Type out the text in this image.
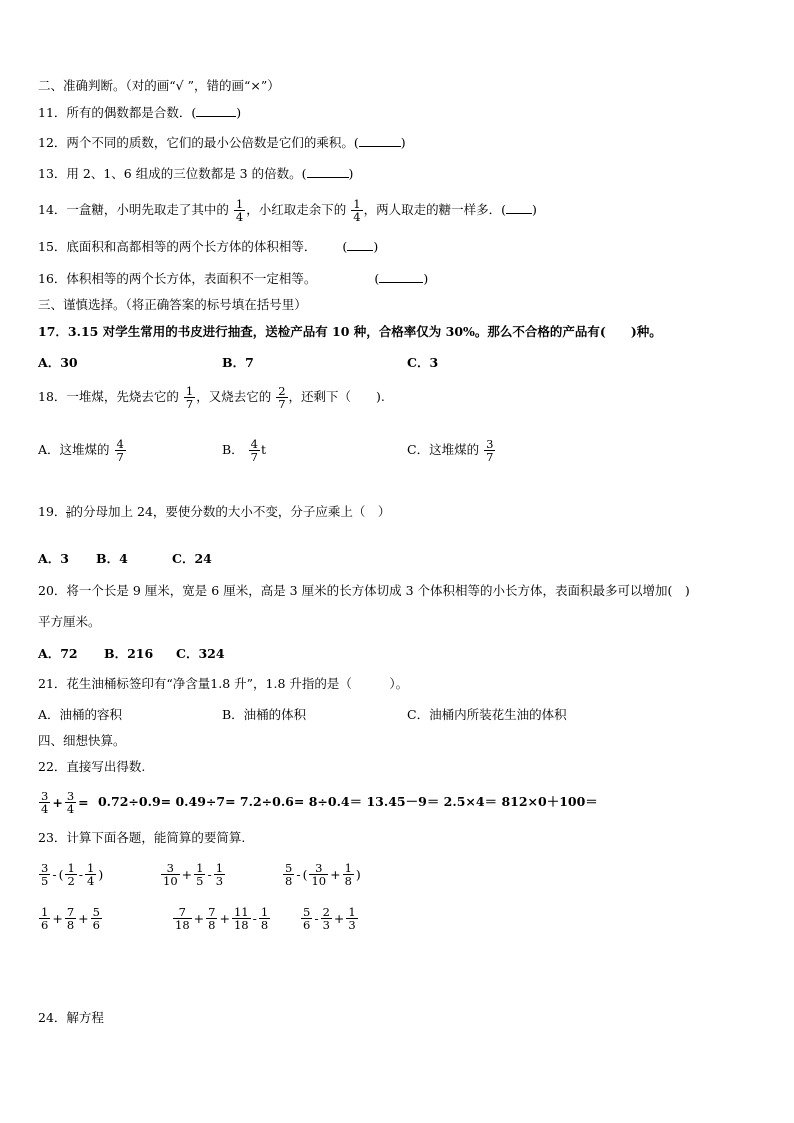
二、准确判断。（对的画“√ ”，错的画“×”）
11．所有的偶数都是合数．(	)
12．两个不同的质数，它们的最小公倍数是它们的乘积。(	)
13．用 2、1、6 组成的三位数都是 3 的倍数。(	)
14．一盒糖，小明先取走了其中的 $\frac{1}{4}$ ，小红取走余下的 $\frac{1}{4}$ ，两人取走的糖一样多．( )
15．底面积和高都相等的两个长方体的体积相等． ( )
16．体积相等的两个长方体，表面积不一定相等。	(	)
三、谨慎选择。（将正确答案的标号填在括号里）
17．3.15 对学生常用的书皮进行抽查，送检产品有 10 种，合格率仅为 30%。那么不合格的产品有(　　)种。
A．30	B．7	C．3
18．一堆煤，先烧去它的 $\frac{1}{7}$ ，又烧去它的 $\frac{2}{7}$ ，还剩下（　　).
A．这堆煤的 $\frac{4}{7}$	B． $\frac{4}{7}$ t	C．这堆煤的 $\frac{3}{7}$
19． $\frac{3}{8}$ 的分母加上 24，要使分数的大小不变，分子应乘上（　）
A．3 B．4	C．24
20．将一个长是 9 厘米，宽是 6 厘米，高是 3 厘米的长方体切成 3 个体积相等的小长方体，表面积最多可以增加(　)
平方厘米。
A．72 B．216 C．324
21．花生油桶标签印有“净含量1.8 升”，1.8 升指的是（　　　）。
A．油桶的容积	B．油桶的体积	C．油桶内所装花生油的体积
四、细想快算。
22．直接写出得数.
$\frac{3}{4} + \frac{3}{4} = 0.72\div 0.9= 0.49\div 7= 7.2\div 0.6= 8\div 0.4= 13.45-9= 2.5\times 4= 812\times 0+100=$
23．计算下面各题，能简算的要简算.
$\frac{3}{5}$ - ( $\frac{1}{2} - \frac{1}{4}$ )	$\frac{3}{10} + \frac{1}{5} - \frac{1}{3}$	$\frac{5}{8}$ - ( $\frac{3}{10} + \frac{1}{8}$ )
$\frac{1}{6} + \frac{7}{8} + \frac{5}{6}$	$\frac{7}{18} + \frac{7}{8} + \frac{11}{18} - \frac{1}{8}$	$\frac{5}{6} - \frac{2}{3} + \frac{1}{3}$
24．解方程
